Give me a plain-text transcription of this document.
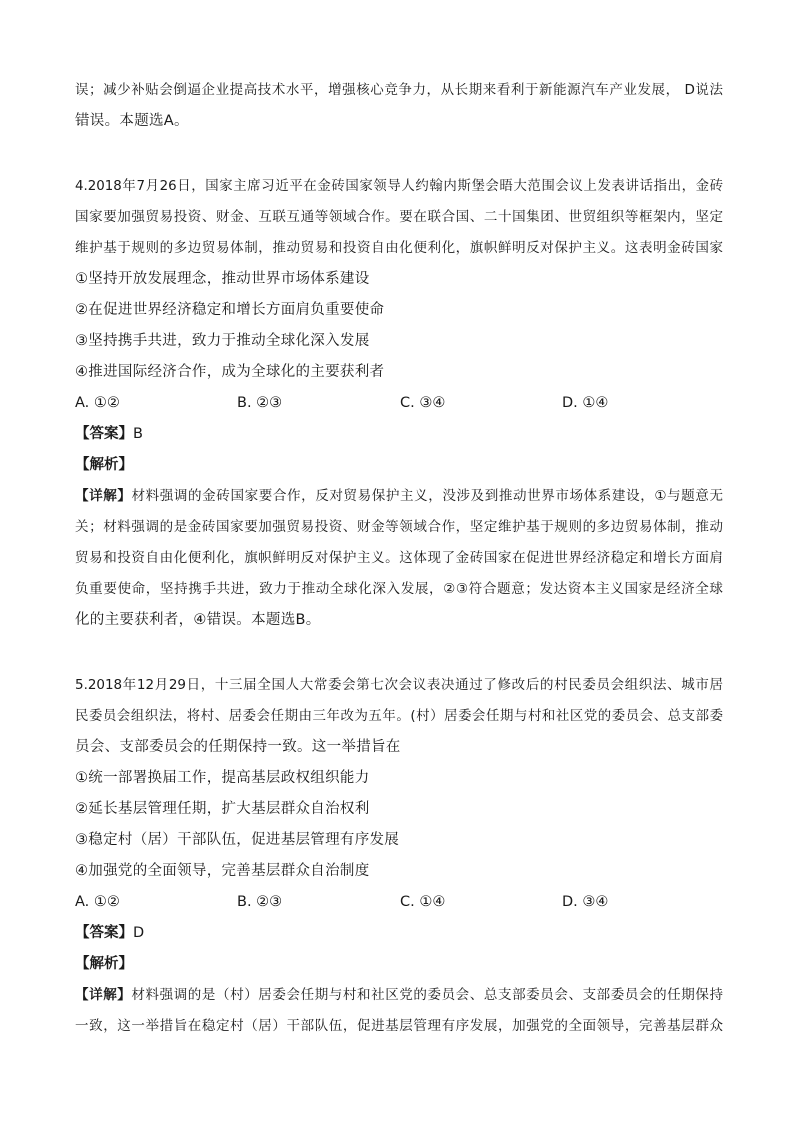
误；减少补贴会倒逼企业提高技术水平，增强核心竞争力，从长期来看利于新能源汽车产业发展， D说法
错误。本题选A。
4.2018年7月26日，国家主席习近平在金砖国家领导人约翰内斯堡会晤大范围会议上发表讲话指出，金砖
国家要加强贸易投资、财金、互联互通等领域合作。要在联合国、二十国集团、世贸组织等框架内，坚定
维护基于规则的多边贸易体制，推动贸易和投资自由化便利化，旗帜鲜明反对保护主义。这表明金砖国家
①坚持开放发展理念，推动世界市场体系建设
②在促进世界经济稳定和增长方面肩负重要使命
③坚持携手共进，致力于推动全球化深入发展
④推进国际经济合作，成为全球化的主要获利者
A. ①②	B. ②③	C. ③④	D. ①④
【答案】B
【解析】
【详解】材料强调的金砖国家要合作，反对贸易保护主义，没涉及到推动世界市场体系建设，①与题意无
关；材料强调的是金砖国家要加强贸易投资、财金等领域合作，坚定维护基于规则的多边贸易体制，推动
贸易和投资自由化便利化，旗帜鲜明反对保护主义。这体现了金砖国家在促进世界经济稳定和增长方面肩
负重要使命，坚持携手共进，致力于推动全球化深入发展，②③符合题意；发达资本主义国家是经济全球
化的主要获利者，④错误。本题选B。
5.2018年12月29日，十三届全国人大常委会第七次会议表决通过了修改后的村民委员会组织法、城市居
民委员会组织法，将村、居委会任期由三年改为五年。(村）居委会任期与村和社区党的委员会、总支部委
员会、支部委员会的任期保持一致。这一举措旨在
①统一部署换届工作，提高基层政权组织能力
②延长基层管理任期，扩大基层群众自治权利
③稳定村（居）干部队伍，促进基层管理有序发展
④加强党的全面领导，完善基层群众自治制度
A. ①②	B. ②③	C. ①④	D. ③④
【答案】D
【解析】
【详解】材料强调的是（村）居委会任期与村和社区党的委员会、总支部委员会、支部委员会的任期保持
一致，这一举措旨在稳定村（居）干部队伍，促进基层管理有序发展，加强党的全面领导，完善基层群众
